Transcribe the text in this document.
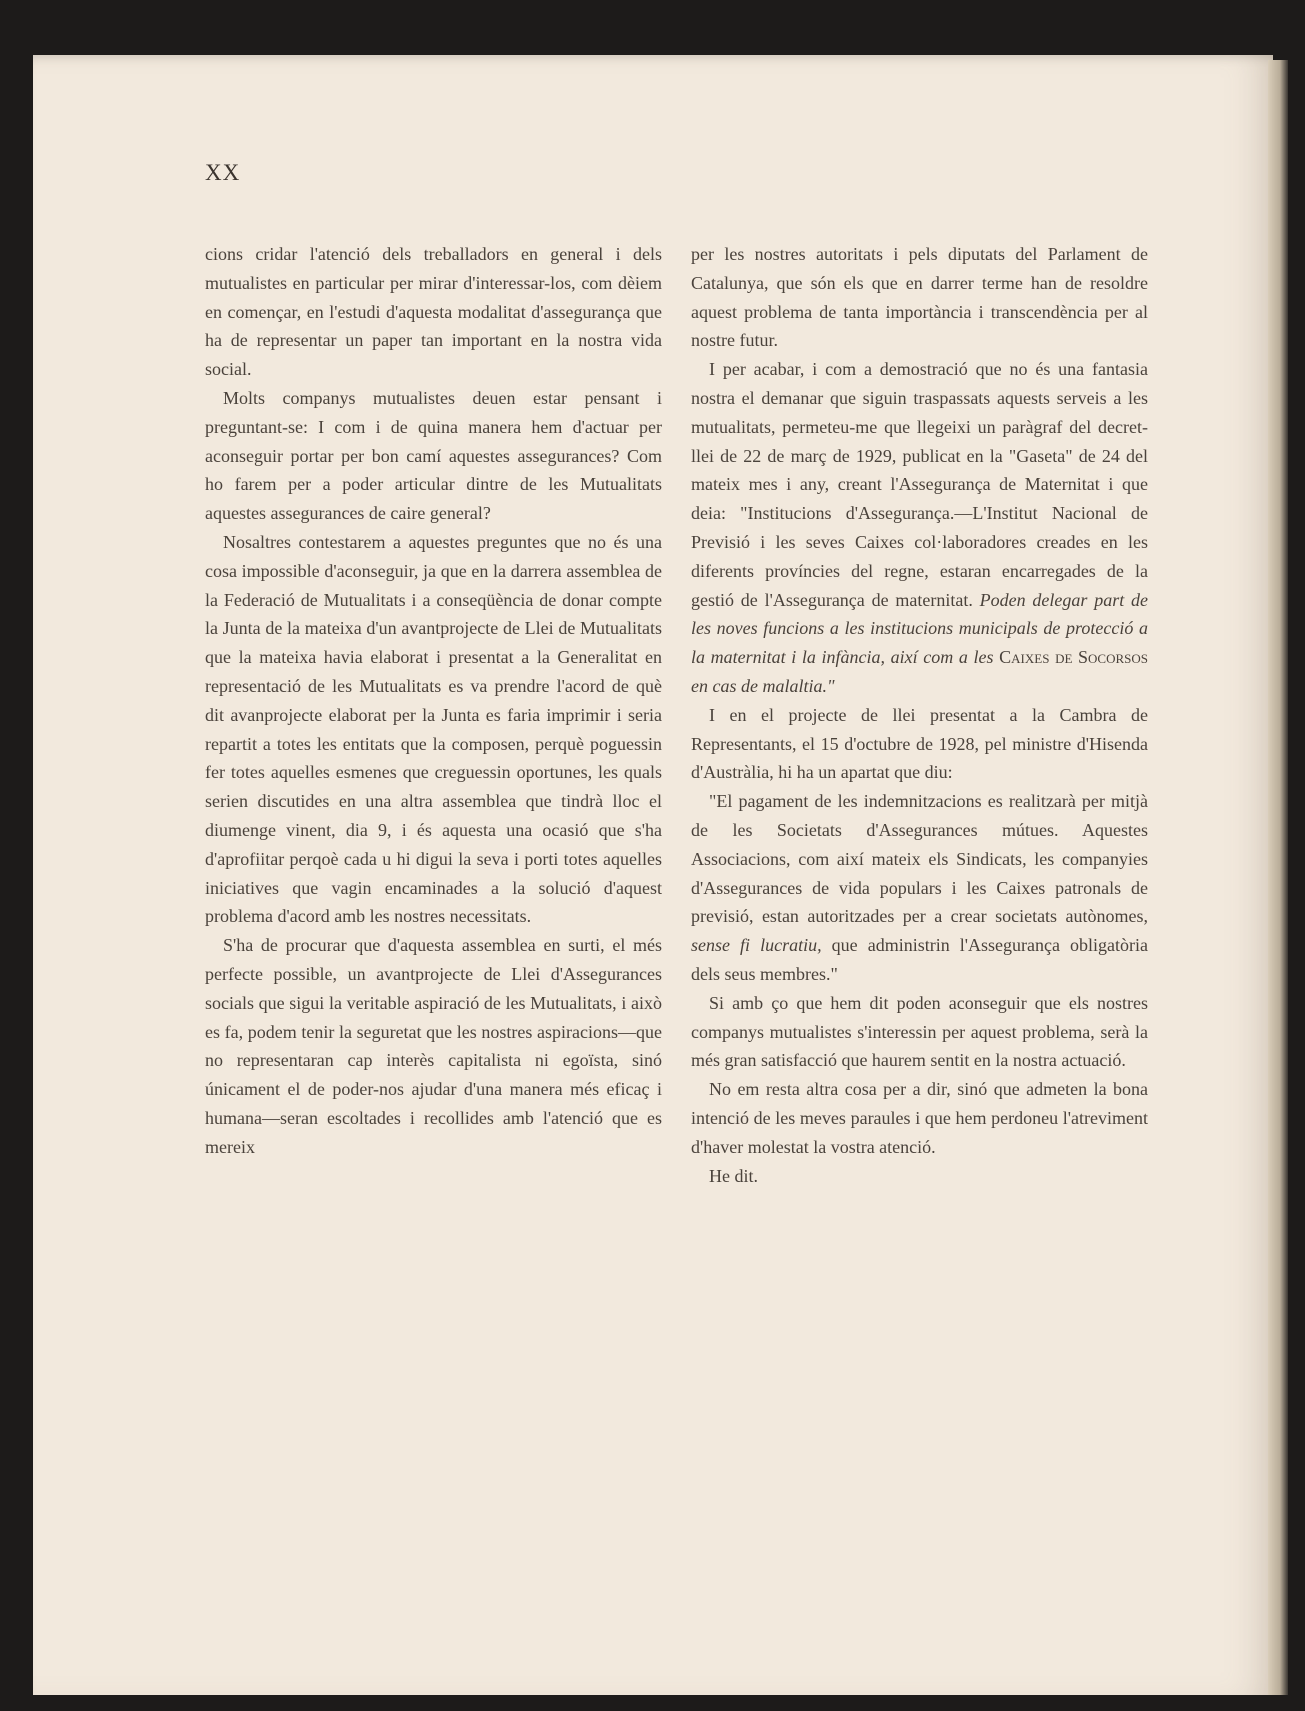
XX

cions cridar l'atenció dels treballadors en general i dels mutualistes en particular per mirar d'interessar-los, com dèiem en començar, en l'estudi d'aquesta modalitat d'assegurança que ha de representar un paper tan important en la nostra vida social.

Molts companys mutualistes deuen estar pensant i preguntant-se: I com i de quina manera hem d'actuar per aconseguir portar per bon camí aquestes assegurances? Com ho farem per a poder articular dintre de les Mutualitats aquestes assegurances de caire general?

Nosaltres contestarem a aquestes preguntes que no és una cosa impossible d'aconseguir, ja que en la darrera assemblea de la Federació de Mutualitats i a conseqüència de donar compte la Junta de la mateixa d'un avantprojecte de Llei de Mutualitats que la mateixa havia elaborat i presentat a la Generalitat en representació de les Mutualitats es va prendre l'acord de què dit avanprojecte elaborat per la Junta es faria imprimir i seria repartit a totes les entitats que la composen, perquè poguessin fer totes aquelles esmenes que creguessin oportunes, les quals serien discutides en una altra assemblea que tindrà lloc el diumenge vinent, dia 9, i és aquesta una ocasió que s'ha d'aprofiitar perqoè cada u hi digui la seva i porti totes aquelles iniciatives que vagin encaminades a la solució d'aquest problema d'acord amb les nostres necessitats.

S'ha de procurar que d'aquesta assemblea en surti, el més perfecte possible, un avantprojecte de Llei d'Assegurances socials que sigui la veritable aspiració de les Mutualitats, i això es fa, podem tenir la seguretat que les nostres aspiracions—que no representaran cap interès capitalista ni egoïsta, sinó únicament el de poder-nos ajudar d'una manera més eficaç i humana—seran escoltades i recollides amb l'atenció que es mereix

per les nostres autoritats i pels diputats del Parlament de Catalunya, que són els que en darrer terme han de resoldre aquest problema de tanta importància i transcendència per al nostre futur.

I per acabar, i com a demostració que no és una fantasia nostra el demanar que siguin traspassats aquests serveis a les mutualitats, permeteu-me que llegeixi un paràgraf del decret-llei de 22 de març de 1929, publicat en la "Gaseta" de 24 del mateix mes i any, creant l'Assegurança de Maternitat i que deia: "Institucions d'Assegurança.—L'Institut Nacional de Previsió i les seves Caixes col·laboradores creades en les diferents províncies del regne, estaran encarregades de la gestió de l'Assegurança de maternitat. Poden delegar part de les noves funcions a les institucions municipals de protecció a la maternitat i la infància, així com a les Caixes de Socorsos en cas de malaltia."

I en el projecte de llei presentat a la Cambra de Representants, el 15 d'octubre de 1928, pel ministre d'Hisenda d'Austràlia, hi ha un apartat que diu:

"El pagament de les indemnitzacions es realitzarà per mitjà de les Societats d'Assegurances mútues. Aquestes Associacions, com així mateix els Sindicats, les companyies d'Assegurances de vida populars i les Caixes patronals de previsió, estan autoritzades per a crear societats autònomes, sense fi lucratiu, que administrin l'Assegurança obligatòria dels seus membres."

Si amb ço que hem dit poden aconseguir que els nostres companys mutualistes s'interessin per aquest problema, serà la més gran satisfacció que haurem sentit en la nostra actuació.

No em resta altra cosa per a dir, sinó que admeten la bona intenció de les meves paraules i que hem perdoneu l'atreviment d'haver molestat la vostra atenció.

He dit.
